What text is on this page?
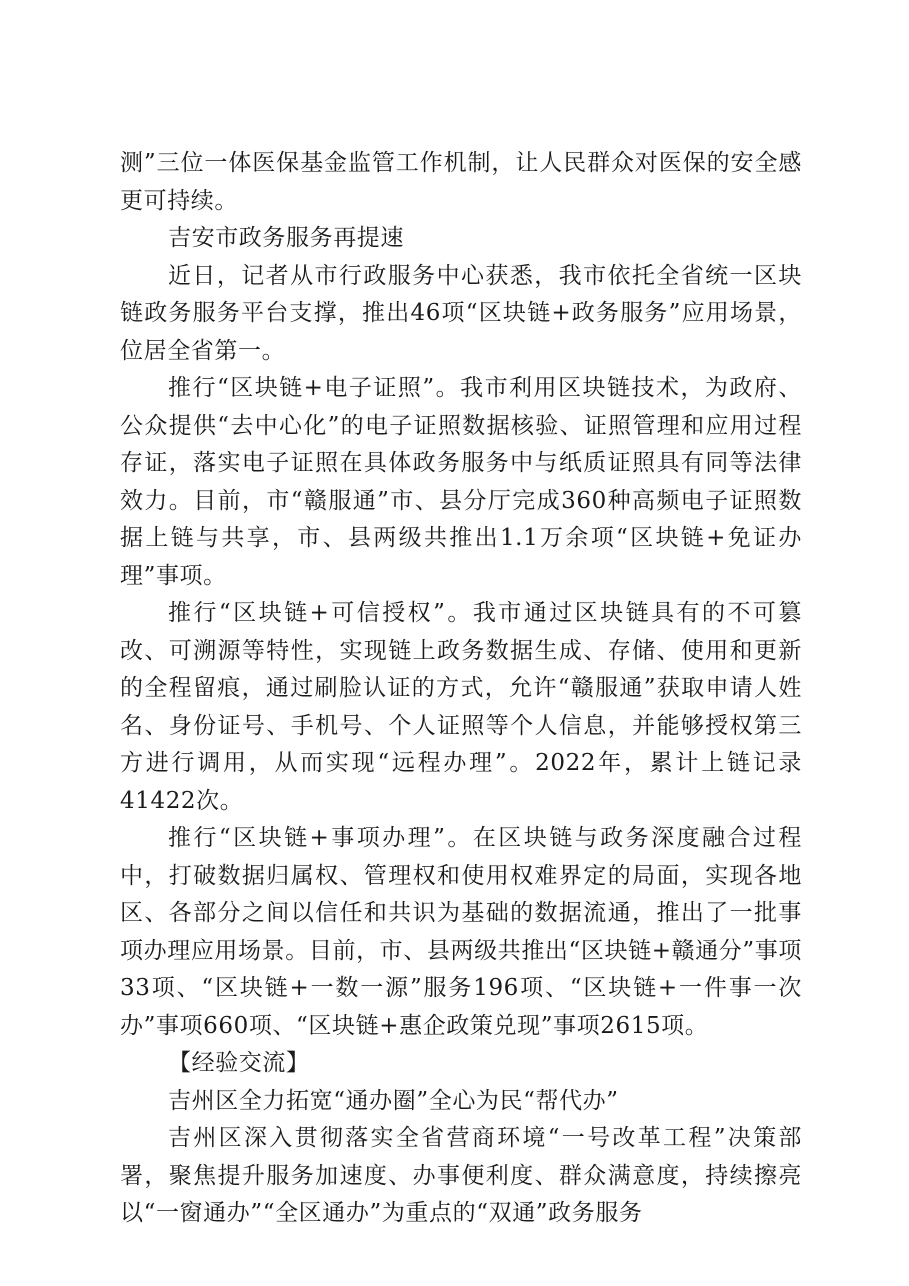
测”三位一体医保基金监管工作机制，让人民群众对医保的安全感更可持续。

吉安市政务服务再提速

近日，记者从市行政服务中心获悉，我市依托全省统一区块链政务服务平台支撑，推出46项“区块链+政务服务”应用场景，位居全省第一。

推行“区块链+电子证照”。我市利用区块链技术，为政府、公众提供“去中心化”的电子证照数据核验、证照管理和应用过程存证，落实电子证照在具体政务服务中与纸质证照具有同等法律效力。目前，市“赣服通”市、县分厅完成360种高频电子证照数据上链与共享，市、县两级共推出1.1万余项“区块链+免证办理”事项。

推行“区块链+可信授权”。我市通过区块链具有的不可篡改、可溯源等特性，实现链上政务数据生成、存储、使用和更新的全程留痕，通过刷脸认证的方式，允许“赣服通”获取申请人姓名、身份证号、手机号、个人证照等个人信息，并能够授权第三方进行调用，从而实现“远程办理”。2022年，累计上链记录41422次。

推行“区块链+事项办理”。在区块链与政务深度融合过程中，打破数据归属权、管理权和使用权难界定的局面，实现各地区、各部分之间以信任和共识为基础的数据流通，推出了一批事项办理应用场景。目前，市、县两级共推出“区块链+赣通分”事项33项、“区块链+一数一源”服务196项、“区块链+一件事一次办”事项660项、“区块链+惠企政策兑现”事项2615项。

【经验交流】

吉州区全力拓宽“通办圈”全心为民“帮代办”

吉州区深入贯彻落实全省营商环境“一号改革工程”决策部署，聚焦提升服务加速度、办事便利度、群众满意度，持续擦亮以“一窗通办”“全区通办”为重点的“双通”政务服务
